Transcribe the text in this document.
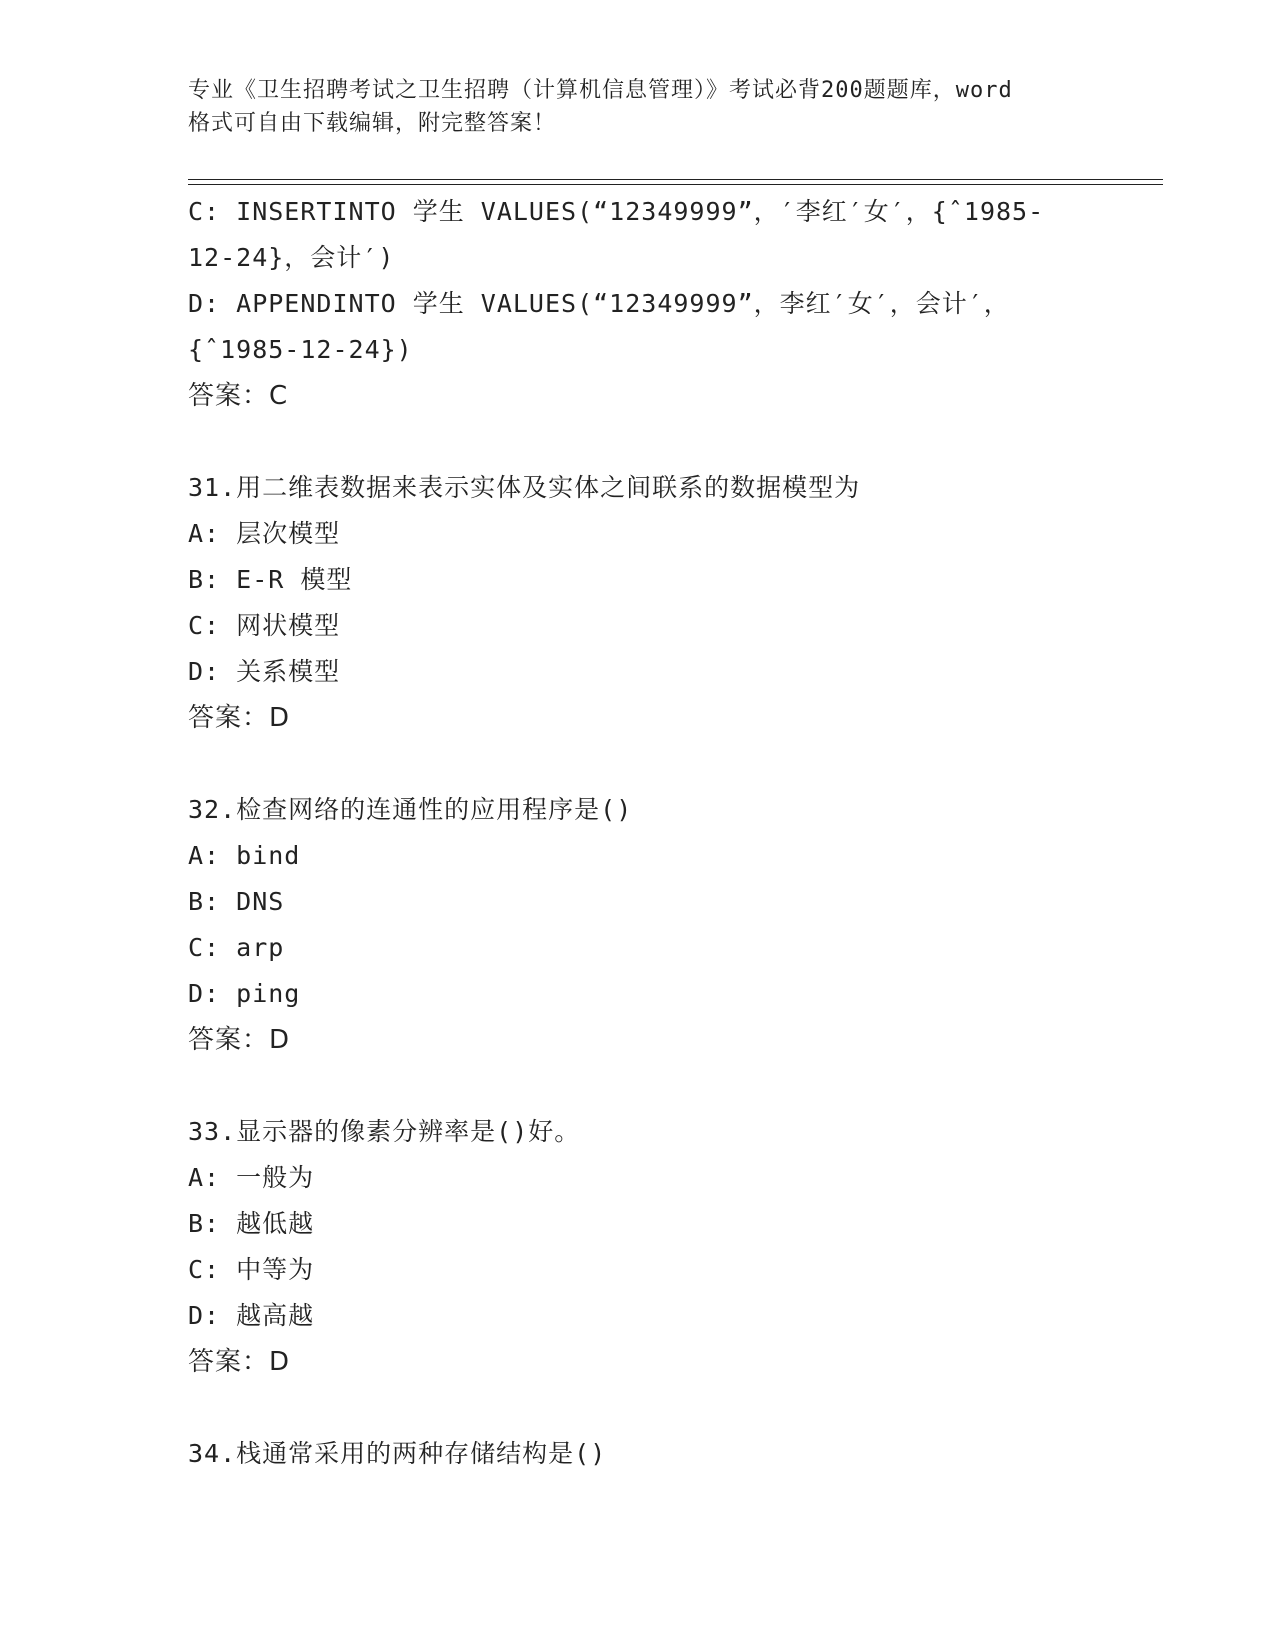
专业《卫生招聘考试之卫生招聘（计算机信息管理）》考试必背200题题库，word
格式可自由下载编辑，附完整答案！
C: INSERTINTO 学生 VALUES(“12349999”，′李红′女′，{ˆ1985-
12-24}，会计′)
D: APPENDINTO 学生 VALUES(“12349999”，李红′女′，会计′，
{ˆ1985-12-24})
答案：C
31.用二维表数据来表示实体及实体之间联系的数据模型为
A: 层次模型
B: E-R 模型
C: 网状模型
D: 关系模型
答案：D
32.检查网络的连通性的应用程序是()
A: bind
B: DNS
C: arp
D: ping
答案：D
33.显示器的像素分辨率是()好。
A: 一般为
B: 越低越
C: 中等为
D: 越高越
答案：D
34.栈通常采用的两种存储结构是()
